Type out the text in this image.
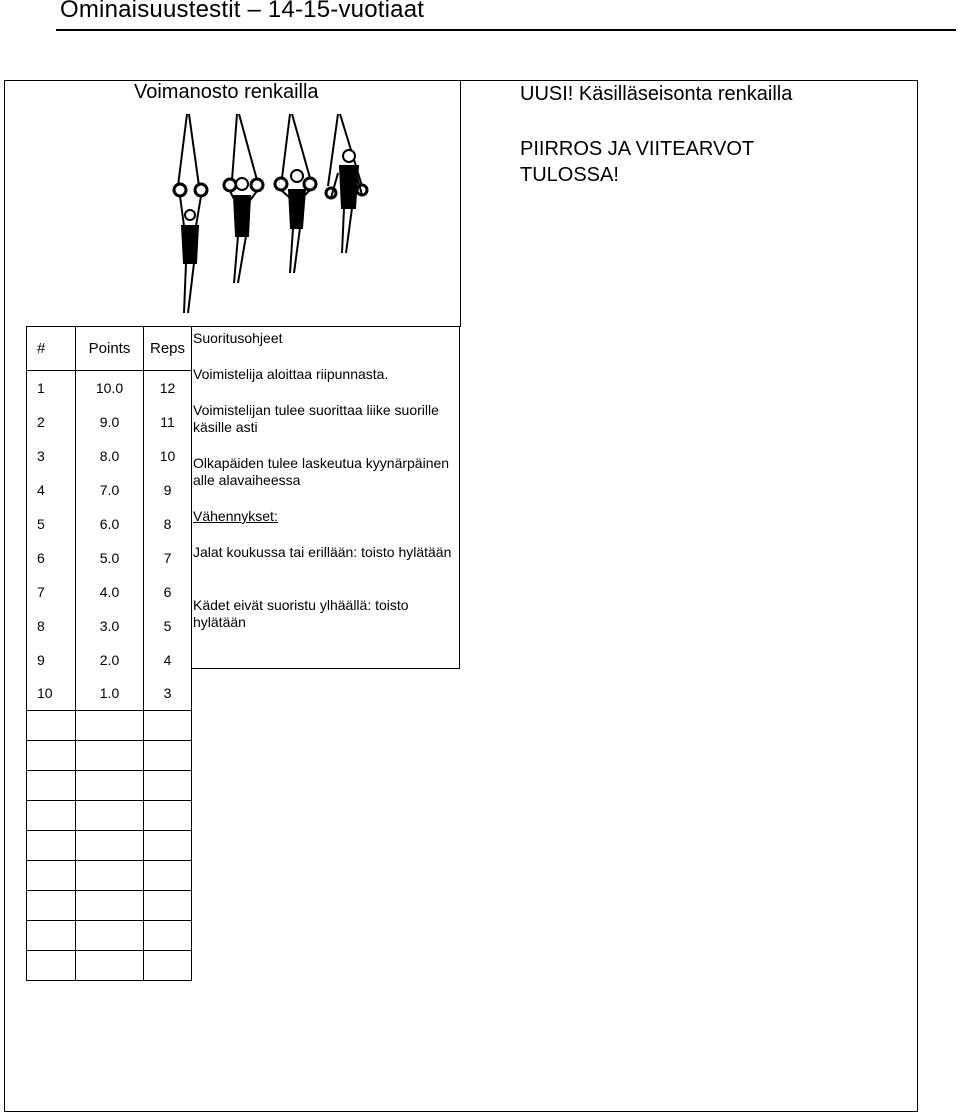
Ominaisuustestit – 14-15-vuotiaat
Voimanosto renkailla	UUSI! Käsilläseisonta renkailla
PIIRROS JA VIITEARVOT TULOSSA!
#	Points	Reps
1	10.0	12
2	9.0	11
3	8.0	10
4	7.0	9
5	6.0	8
6	5.0	7
7	4.0	6
8	3.0	5
9	2.0	4
10	1.0	3

Suoritusohjeet

Voimistelija aloittaa riipunnasta.

Voimistelijan tulee suorittaa liike suorille käsille asti

Olkapäiden tulee laskeutua kyynärpäinen alle alavaiheessa

Vähennykset:

Jalat koukussa tai erillään: toisto hylätään

Kädet eivät suoristu ylhäällä: toisto hylätään
